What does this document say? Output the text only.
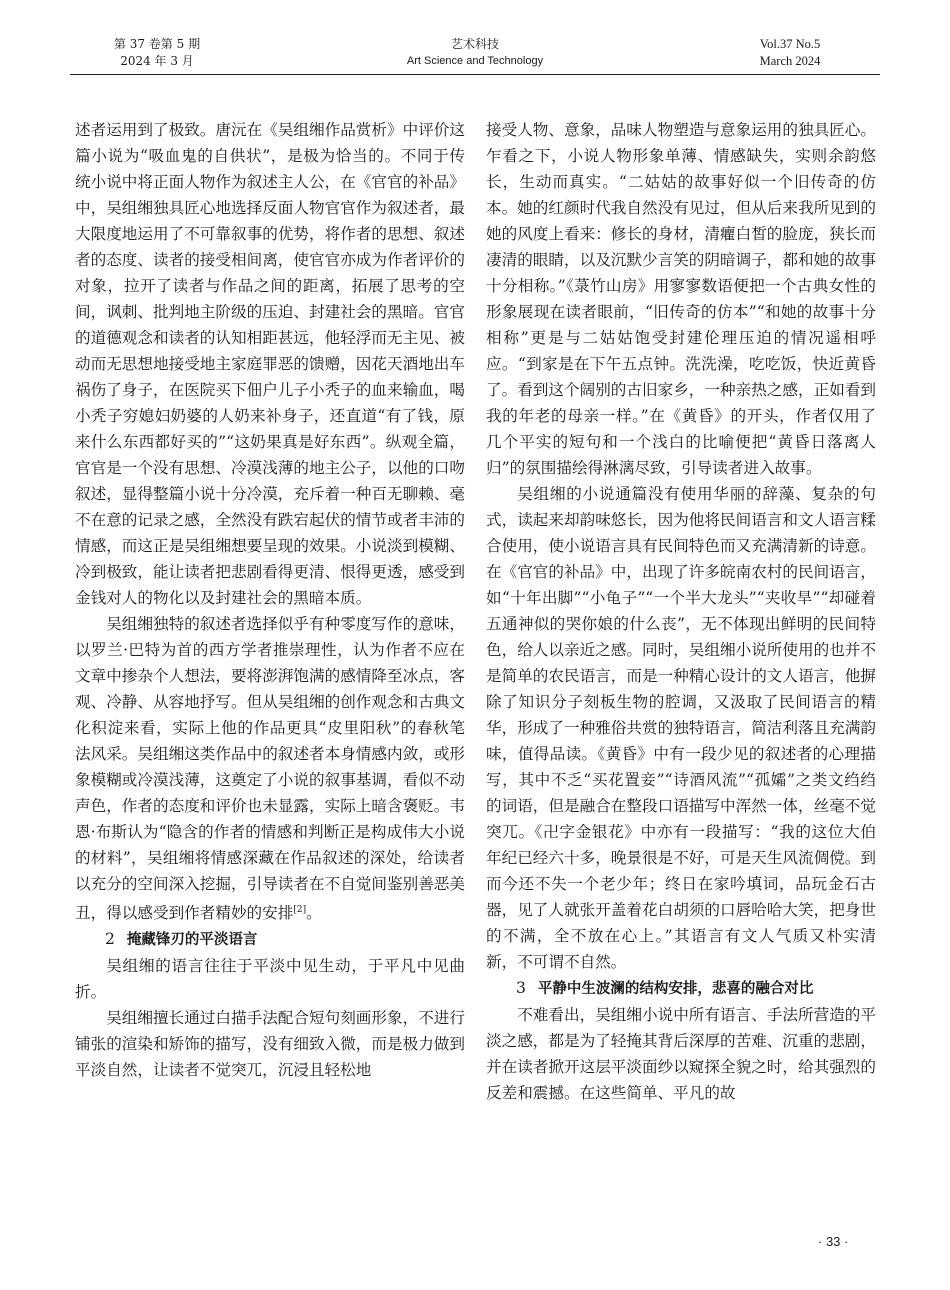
第 37 卷第 5 期
2024 年 3 月
艺术科技
Art Science and Technology
Vol.37 No.5
March 2024

述者运用到了极致。唐沅在《吴组缃作品赏析》中评价这篇小说为“吸血鬼的自供状”，是极为恰当的。不同于传统小说中将正面人物作为叙述主人公，在《官官的补品》中，吴组缃独具匠心地选择反面人物官官作为叙述者，最大限度地运用了不可靠叙事的优势，将作者的思想、叙述者的态度、读者的接受相间离，使官官亦成为作者评价的对象，拉开了读者与作品之间的距离，拓展了思考的空间，讽刺、批判地主阶级的压迫、封建社会的黑暗。官官的道德观念和读者的认知相距甚远，他轻浮而无主见、被动而无思想地接受地主家庭罪恶的馈赠，因花天酒地出车祸伤了身子，在医院买下佃户儿子小秃子的血来输血，喝小秃子穷媳妇奶婆的人奶来补身子，还直道“有了钱，原来什么东西都好买的”“这奶果真是好东西”。纵观全篇，官官是一个没有思想、冷漠浅薄的地主公子，以他的口吻叙述，显得整篇小说十分冷漠，充斥着一种百无聊赖、毫不在意的记录之感，全然没有跌宕起伏的情节或者丰沛的情感，而这正是吴组缃想要呈现的效果。小说淡到模糊、冷到极致，能让读者把悲剧看得更清、恨得更透，感受到金钱对人的物化以及封建社会的黑暗本质。

吴组缃独特的叙述者选择似乎有种零度写作的意味，以罗兰·巴特为首的西方学者推崇理性，认为作者不应在文章中掺杂个人想法，要将澎湃饱满的感情降至冰点，客观、冷静、从容地抒写。但从吴组缃的创作观念和古典文化积淀来看，实际上他的作品更具“皮里阳秋”的春秋笔法风采。吴组缃这类作品中的叙述者本身情感内敛，或形象模糊或冷漠浅薄，这奠定了小说的叙事基调，看似不动声色，作者的态度和评价也未显露，实际上暗含褒贬。韦恩·布斯认为“隐含的作者的情感和判断正是构成伟大小说的材料”，吴组缃将情感深藏在作品叙述的深处，给读者以充分的空间深入挖掘，引导读者在不自觉间鉴别善恶美丑，得以感受到作者精妙的安排[2]。

2 掩藏锋刃的平淡语言

吴组缃的语言往往于平淡中见生动，于平凡中见曲折。

吴组缃擅长通过白描手法配合短句刻画形象，不进行铺张的渲染和矫饰的描写，没有细致入微，而是极力做到平淡自然，让读者不觉突兀，沉浸且轻松地

接受人物、意象，品味人物塑造与意象运用的独具匠心。乍看之下，小说人物形象单薄、情感缺失，实则余韵悠长，生动而真实。“二姑姑的故事好似一个旧传奇的仿本。她的红颜时代我自然没有见过，但从后来我所见到的她的风度上看来：修长的身材，清癯白皙的脸庞，狭长而凄清的眼睛，以及沉默少言笑的阴暗调子，都和她的故事十分相称。”《菉竹山房》用寥寥数语便把一个古典女性的形象展现在读者眼前，“旧传奇的仿本”“和她的故事十分相称”更是与二姑姑饱受封建伦理压迫的情况遥相呼应。“到家是在下午五点钟。洗洗澡，吃吃饭，快近黄昏了。看到这个阔别的古旧家乡，一种亲热之感，正如看到我的年老的母亲一样。”在《黄昏》的开头，作者仅用了几个平实的短句和一个浅白的比喻便把“黄昏日落离人归”的氛围描绘得淋漓尽致，引导读者进入故事。

吴组缃的小说通篇没有使用华丽的辞藻、复杂的句式，读起来却韵味悠长，因为他将民间语言和文人语言糅合使用，使小说语言具有民间特色而又充满清新的诗意。在《官官的补品》中，出现了许多皖南农村的民间语言，如“十年出脚”“小龟子”“一个半大龙头”“夹收旱”“却碰着五通神似的哭你娘的什么丧”，无不体现出鲜明的民间特色，给人以亲近之感。同时，吴组缃小说所使用的也并不是简单的农民语言，而是一种精心设计的文人语言，他摒除了知识分子刻板生物的腔调，又汲取了民间语言的精华，形成了一种雅俗共赏的独特语言，简洁利落且充满韵味，值得品读。《黄昏》中有一段少见的叙述者的心理描写，其中不乏“买花置妾”“诗酒风流”“孤孀”之类文绉绉的词语，但是融合在整段口语描写中浑然一体，丝毫不觉突兀。《卍字金银花》中亦有一段描写：“我的这位大伯年纪已经六十多，晚景很是不好，可是天生风流倜傥。到而今还不失一个老少年；终日在家吟填词，品玩金石古器，见了人就张开盖着花白胡须的口唇哈哈大笑，把身世的不满，全不放在心上。”其语言有文人气质又朴实清新，不可谓不自然。

3 平静中生波澜的结构安排，悲喜的融合对比

不难看出，吴组缃小说中所有语言、手法所营造的平淡之感，都是为了轻掩其背后深厚的苦难、沉重的悲剧，并在读者掀开这层平淡面纱以窥探全貌之时，给其强烈的反差和震撼。在这些简单、平凡的故

· 33 ·
